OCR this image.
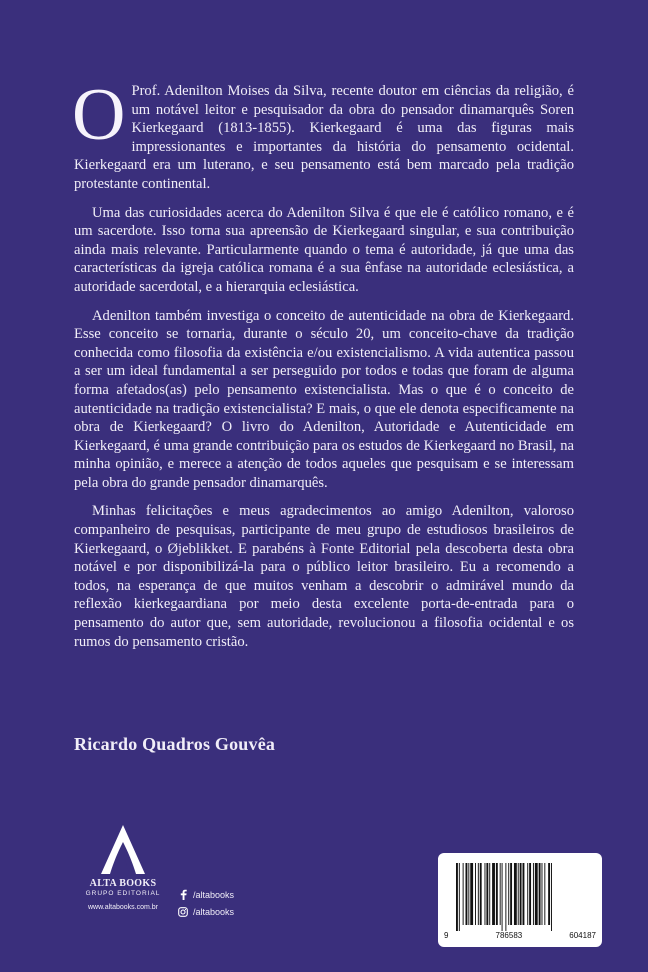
O Prof. Adenilton Moises da Silva, recente doutor em ciências da religião, é um notável leitor e pesquisador da obra do pensador dinamarquês Soren Kierkegaard (1813-1855). Kierkegaard é uma das figuras mais impressionantes e importantes da história do pensamento ocidental. Kierkegaard era um luterano, e seu pensamento está bem marcado pela tradição protestante continental.

Uma das curiosidades acerca do Adenilton Silva é que ele é católico romano, e é um sacerdote. Isso torna sua apreensão de Kierkegaard singular, e sua contribuição ainda mais relevante. Particularmente quando o tema é autoridade, já que uma das características da igreja católica romana é a sua ênfase na autoridade eclesiástica, a autoridade sacerdotal, e a hierarquia eclesiástica.

Adenilton também investiga o conceito de autenticidade na obra de Kierkegaard. Esse conceito se tornaria, durante o século 20, um conceito-chave da tradição conhecida como filosofia da existência e/ou existencialismo. A vida autentica passou a ser um ideal fundamental a ser perseguido por todos e todas que foram de alguma forma afetados(as) pelo pensamento existencialista. Mas o que é o conceito de autenticidade na tradição existencialista? E mais, o que ele denota especificamente na obra de Kierkegaard? O livro do Adenilton, Autoridade e Autenticidade em Kierkegaard, é uma grande contribuição para os estudos de Kierkegaard no Brasil, na minha opinião, e merece a atenção de todos aqueles que pesquisam e se interessam pela obra do grande pensador dinamarquês.

Minhas felicitações e meus agradecimentos ao amigo Adenilton, valoroso companheiro de pesquisas, participante de meu grupo de estudiosos brasileiros de Kierkegaard, o Øjeblikket. E parabéns à Fonte Editorial pela descoberta desta obra notável e por disponibilizá-la para o público leitor brasileiro. Eu a recomendo a todos, na esperança de que muitos venham a descobrir o admirável mundo da reflexão kierkegaardiana por meio desta excelente porta-de-entrada para o pensamento do autor que, sem autoridade, revolucionou a filosofia ocidental e os rumos do pensamento cristão.

Ricardo Quadros Gouvêa
ALTA BOOKS
GRUPO EDITORIAL
www.altabooks.com.br
/altabooks
/altabooks
9	786583	604187
